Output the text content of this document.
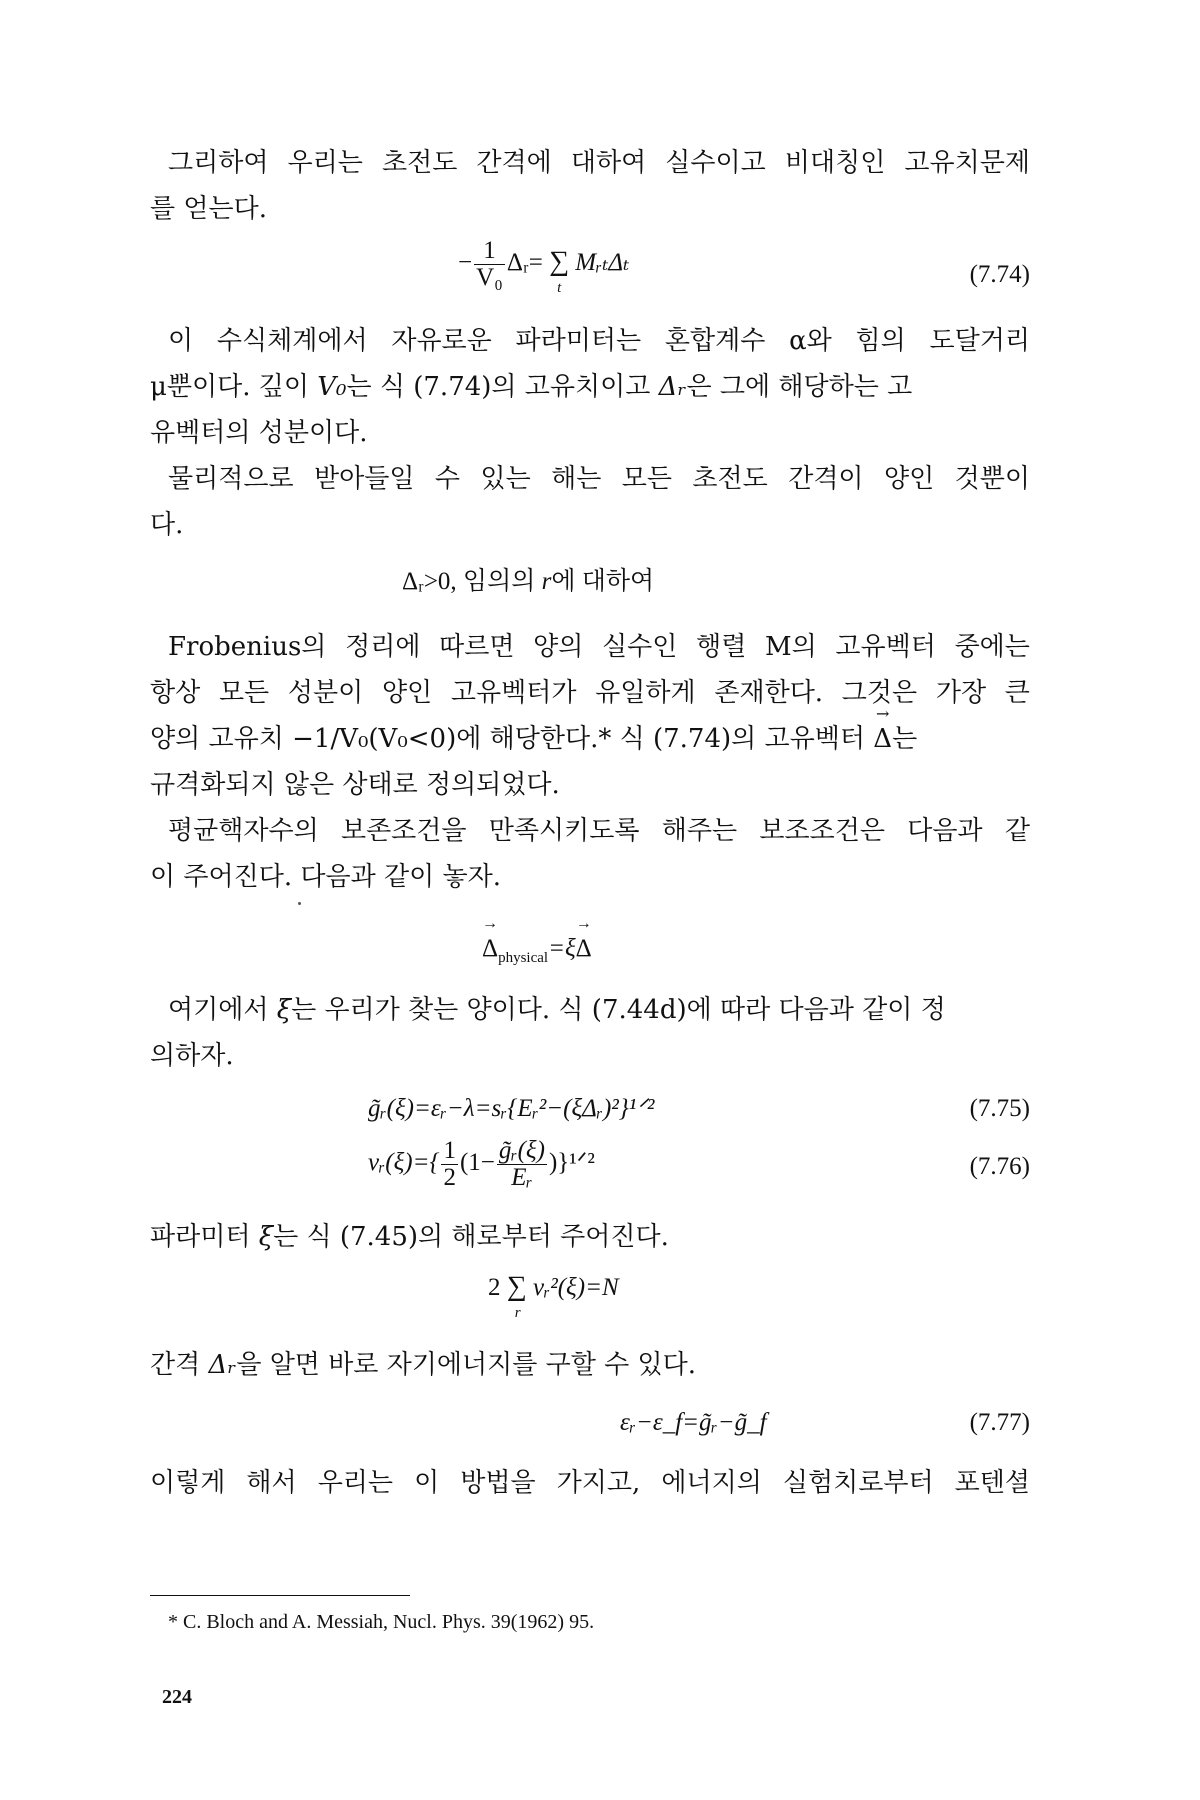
그리하여 우리는 초전도 간격에 대하여 실수이고 비대칭인 고유치문제
를 얻는다.
− $\frac{1}{\text{V₀}}$ Δᵣ= ∑
t
MᵣₜΔₜ	(7.74)
이 수식체계에서 자유로운 파라미터는 혼합계수 α와 힘의 도달거리
μ뿐이다. 깊이 V₀는 식 (7.74)의 고유치이고 Δᵣ은 그에 해당하는 고
유벡터의 성분이다.
물리적으로 받아들일 수 있는 해는 모든 초전도 간격이 양인 것뿐이
다.
Δᵣ>0, 임의의 r에 대하여
Frobenius의 정리에 따르면 양의 실수인 행렬 M의 고유벡터 중에는
항상 모든 성분이 양인 고유벡터가 유일하게 존재한다. 그것은 가장 큰
양의 고유치 −1/V₀(V₀<0)에 해당한다.* 식 (7.74)의 고유벡터 → Δ는
규격화되지 않은 상태로 정의되었다.
평균핵자수의 보존조건을 만족시키도록 해주는 보조조건은 다음과 같
이 주어진다. 다음과 같이 놓자.
→ $\Delta_{physical}=\xi\to \Delta$
여기에서 ξ는 우리가 찾는 양이다. 식 (7.44d)에 따라 다음과 같이 정
의하자.
g̃ᵣ(ξ)=εᵣ−λ=sᵣ{Eᵣ²−(ξΔᵣ)²}¹ᐟ²	(7.75)
vᵣ(ξ)={ $\frac{1}{2} (1- \frac{\text{g̃ᵣ(ξ)}}{\text{Eᵣ}}$ )}¹ᐟ²	(7.76)
파라미터 ξ는 식 (7.45)의 해로부터 주어진다.
2 ∑
r
vᵣ²(ξ)=N
간격 Δᵣ을 알면 바로 자기에너지를 구할 수 있다.
εᵣ−ε_f=g̃ᵣ−g̃_f	(7.77)
이렇게 해서 우리는 이 방법을 가지고, 에너지의 실험치로부터 포텐셜
* C. Bloch and A. Messiah, Nucl. Phys. 39(1962) 95.
224
